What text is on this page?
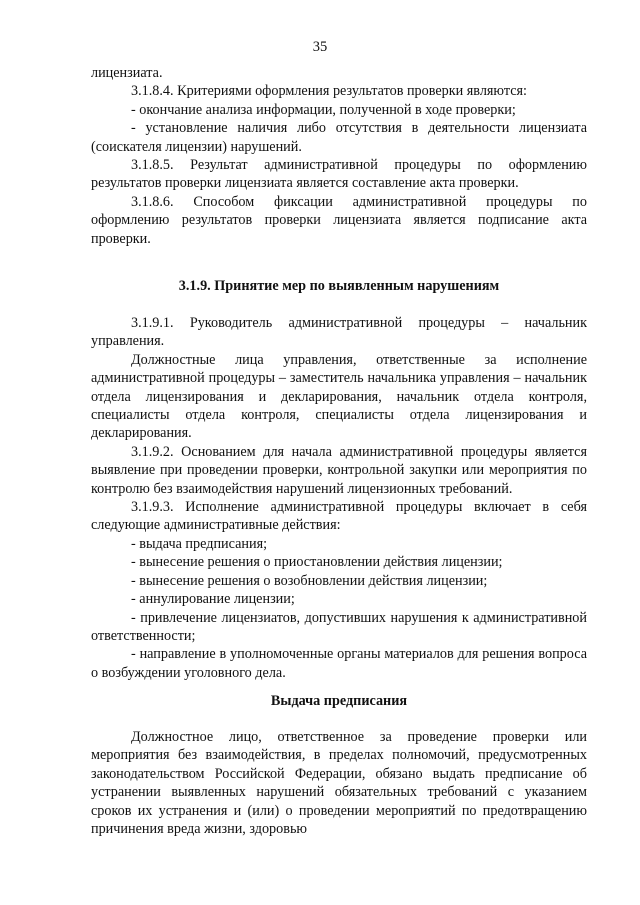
35

лицензиата.

3.1.8.4. Критериями оформления результатов проверки являются:

- окончание анализа информации, полученной в ходе проверки;

- установление наличия либо отсутствия в деятельности лицензиата (соискателя лицензии) нарушений.

3.1.8.5. Результат административной процедуры по оформлению результатов проверки лицензиата является составление акта проверки.

3.1.8.6. Способом фиксации административной процедуры по оформлению результатов проверки лицензиата является подписание акта проверки.

3.1.9. Принятие мер по выявленным нарушениям

3.1.9.1. Руководитель административной процедуры – начальник управления.

Должностные лица управления, ответственные за исполнение административной процедуры – заместитель начальника управления – начальник отдела лицензирования и декларирования, начальник отдела контроля, специалисты отдела контроля, специалисты отдела лицензирования и декларирования.

3.1.9.2. Основанием для начала административной процедуры является выявление при проведении проверки, контрольной закупки или мероприятия по контролю без взаимодействия нарушений лицензионных требований.

3.1.9.3. Исполнение административной процедуры включает в себя следующие административные действия:

- выдача предписания;

- вынесение решения о приостановлении действия лицензии;

- вынесение решения о возобновлении действия лицензии;

- аннулирование лицензии;

- привлечение лицензиатов, допустивших нарушения к административной ответственности;

- направление в уполномоченные органы материалов для решения вопроса о возбуждении уголовного дела.

Выдача предписания

Должностное лицо, ответственное за проведение проверки или мероприятия без взаимодействия, в пределах полномочий, предусмотренных законодательством Российской Федерации, обязано выдать предписание об устранении выявленных нарушений обязательных требований с указанием сроков их устранения и (или) о проведении мероприятий по предотвращению причинения вреда жизни, здоровью
